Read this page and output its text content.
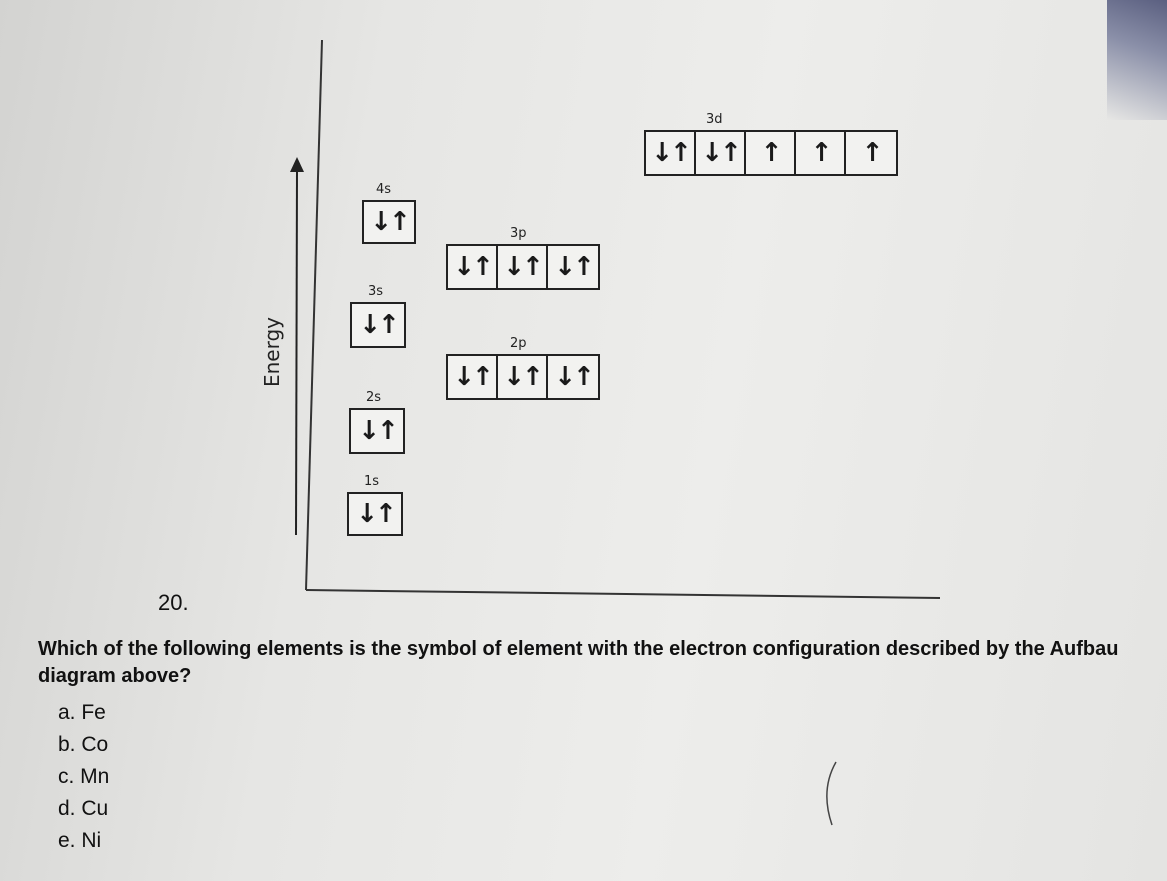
Energy
1s
↓↑
2s
↓↑
2p
↓↑ ↓↑ ↓↑
3s
↓↑
3p
↓↑ ↓↑ ↓↑
4s
↓↑
3d
↓↑ ↓↑ ↑	↑	↑
20.
Which of the following elements is the symbol of element with the electron configuration described by the Aufbau diagram above?
a. Fe
b. Co
c. Mn
d. Cu
e. Ni
